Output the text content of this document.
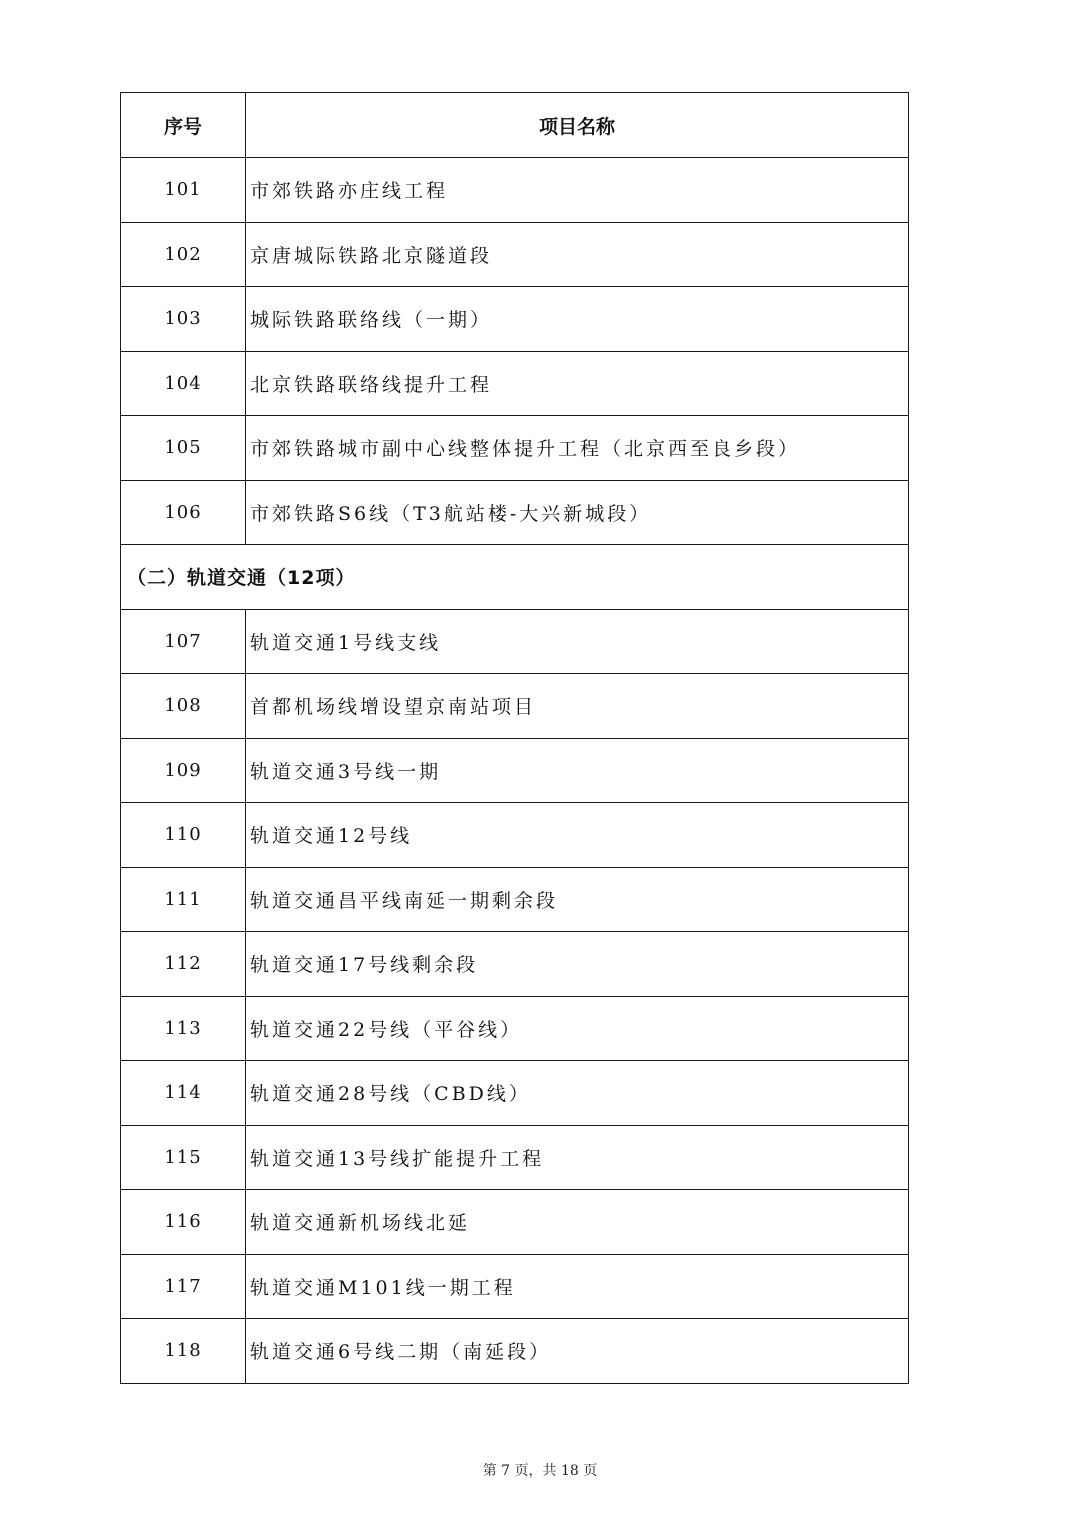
序号	项目名称
101	市郊铁路亦庄线工程
102	京唐城际铁路北京隧道段
103	城际铁路联络线（一期）
104	北京铁路联络线提升工程
105	市郊铁路城市副中心线整体提升工程（北京西至良乡段）
106	市郊铁路S6线（T3航站楼-大兴新城段）
（二）轨道交通（12项）	
107	轨道交通1号线支线
108	首都机场线增设望京南站项目
109	轨道交通3号线一期
110	轨道交通12号线
111	轨道交通昌平线南延一期剩余段
112	轨道交通17号线剩余段
113	轨道交通22号线（平谷线）
114	轨道交通28号线（CBD线）
115	轨道交通13号线扩能提升工程
116	轨道交通新机场线北延
117	轨道交通M101线一期工程
118	轨道交通6号线二期（南延段）
第 7 页，共 18 页
